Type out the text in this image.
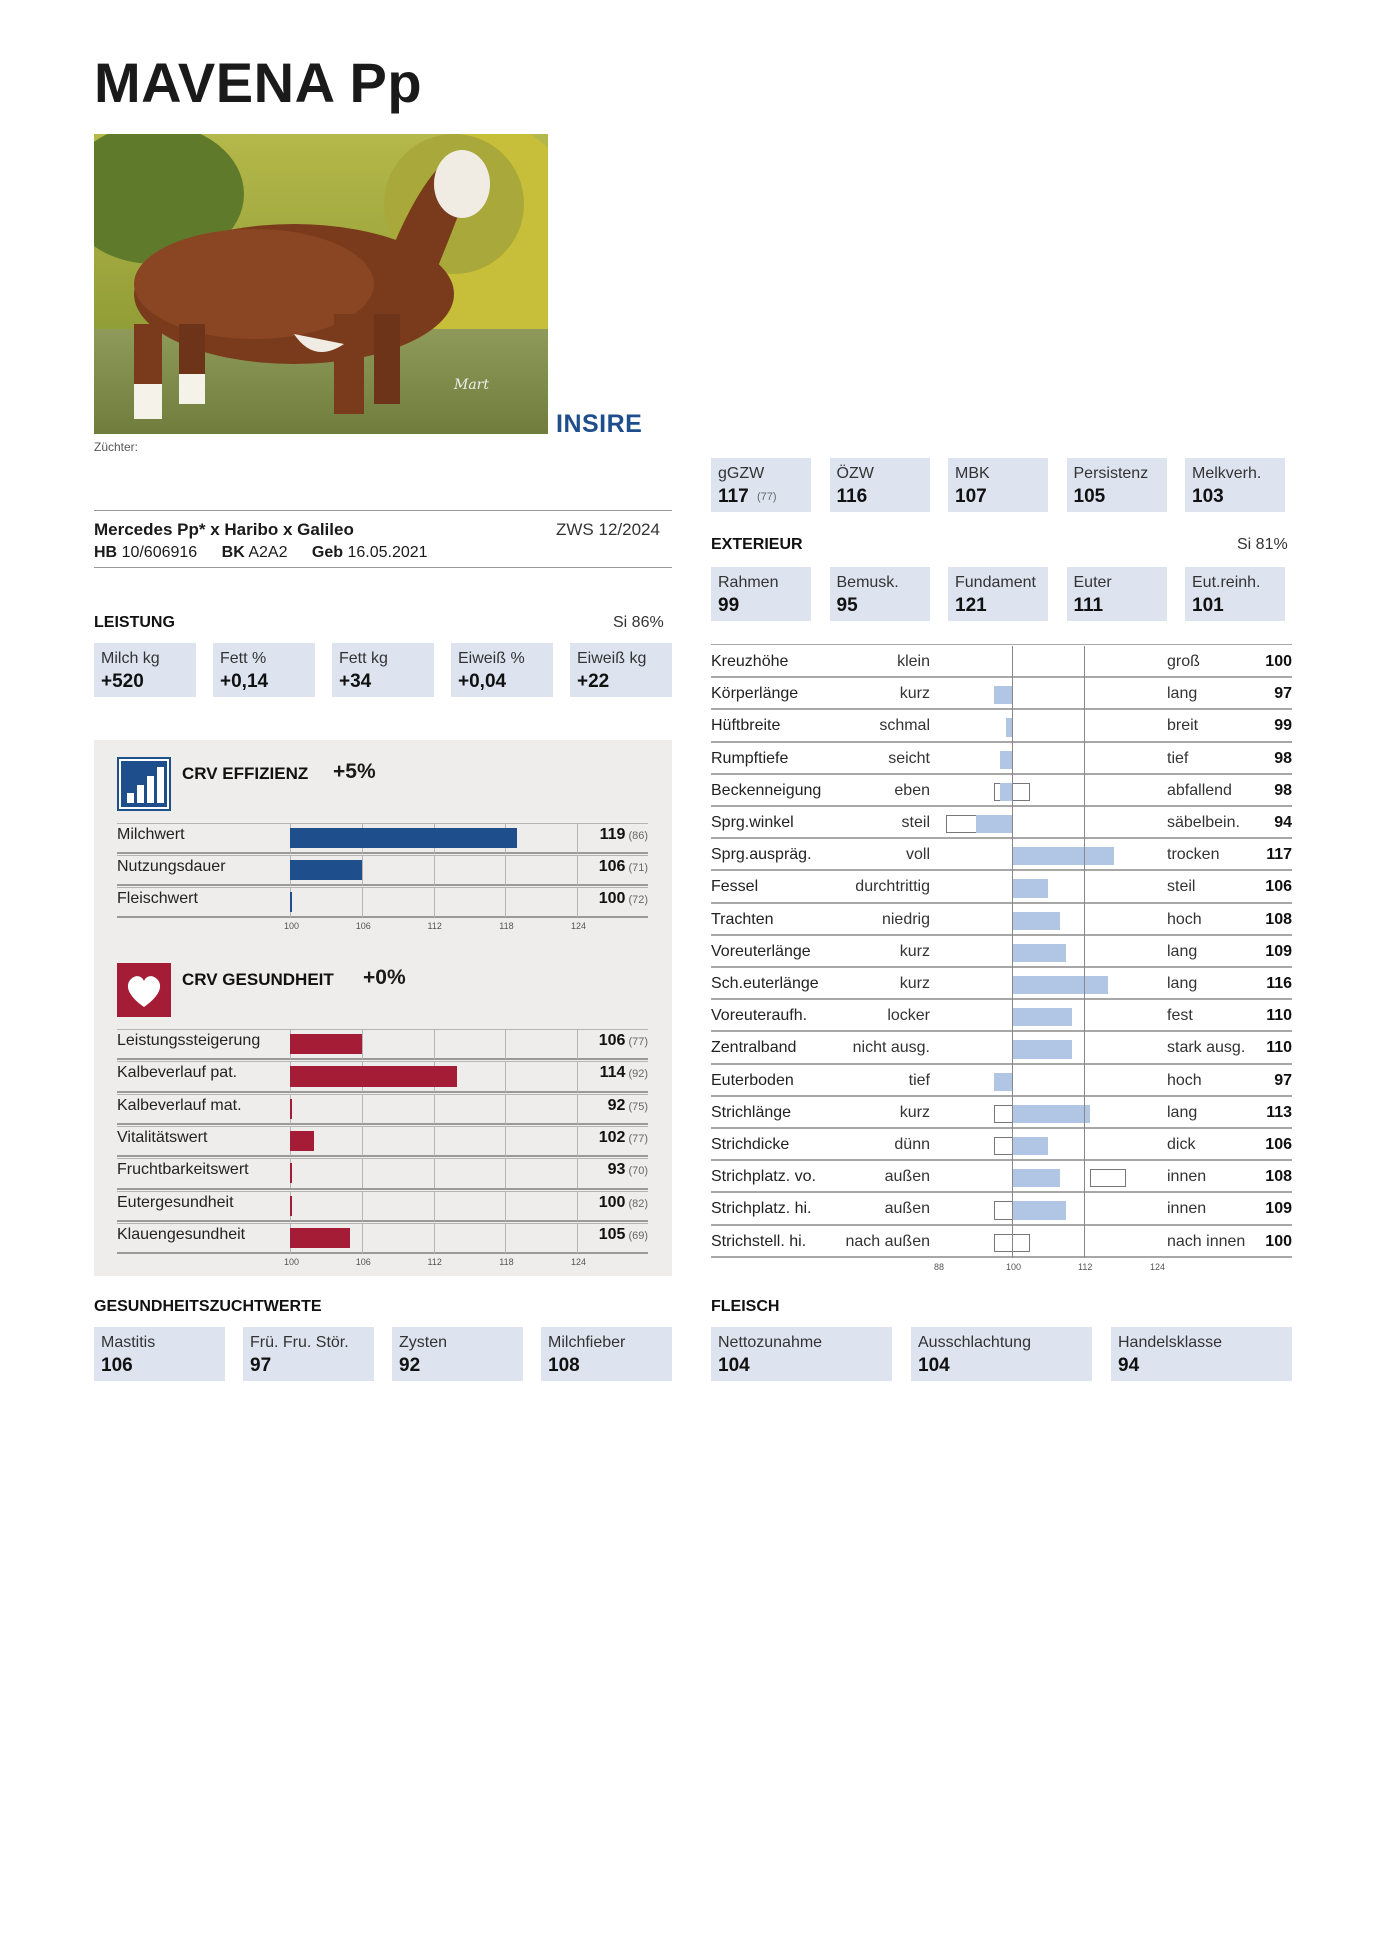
MAVENA Pp
Mart
INSIRE
Züchter:
Mercedes Pp* x Haribo x Galileo	ZWS 12/2024
HB 10/606916 BK A2A2 Geb 16.05.2021
LEISTUNG	Si 86%
CRV EFFIZIENZ +5%
CRV GESUNDHEIT +0%
GESUNDHEITSZUCHTWERTE
EXTERIEUR	Si 81%
FLEISCH
gGZW
117 (77)
ÖZW
116
MBK
107
Persistenz
105
Melkverh.
103
Milch kg
+520
Fett %
+0,14
Fett kg
+34
Eiweiß %
+0,04
Eiweiß kg
+22
Rahmen
99
Bemusk.
95
Fundament
121
Euter
111
Eut.reinh.
101
Mastitis
106
Frü. Fru. Stör.
97
Zysten
92
Milchfieber
108
Nettozunahme
104
Ausschlachtung
104
Handelsklasse
94
Milchwert	119 (86)
Nutzungsdauer	106 (71)
Fleischwert	100 (72)
100	106	112	118	124
Leistungssteigerung	106 (77)
Kalbeverlauf pat.	114 (92)
Kalbeverlauf mat.	92 (75)
Vitalitätswert	102 (77)
Fruchtbarkeitswert	93 (70)
Eutergesundheit	100 (82)
Klauengesundheit	105 (69)
100	106	112	118	124
Kreuzhöhe	klein	groß	100
Körperlänge	kurz	lang	97
Hüftbreite	schmal	breit	99
Rumpftiefe	seicht	tief	98
Beckenneigung	eben	abfallend	98
Sprg.winkel	steil	säbelbein.	94
Sprg.auspräg.	voll	trocken	117
Fessel	durchtrittig	steil	106
Trachten	niedrig	hoch	108
Voreuterlänge	kurz	lang	109
Sch.euterlänge	kurz	lang	116
Voreuteraufh.	locker	fest	110
Zentralband	nicht ausg.	stark ausg.	110
Euterboden	tief	hoch	97
Strichlänge	kurz	lang	113
Strichdicke	dünn	dick	106
Strichplatz. vo.	außen	innen	108
Strichplatz. hi.	außen	innen	109
Strichstell. hi.	nach außen	nach innen	100
88	100	112	124
